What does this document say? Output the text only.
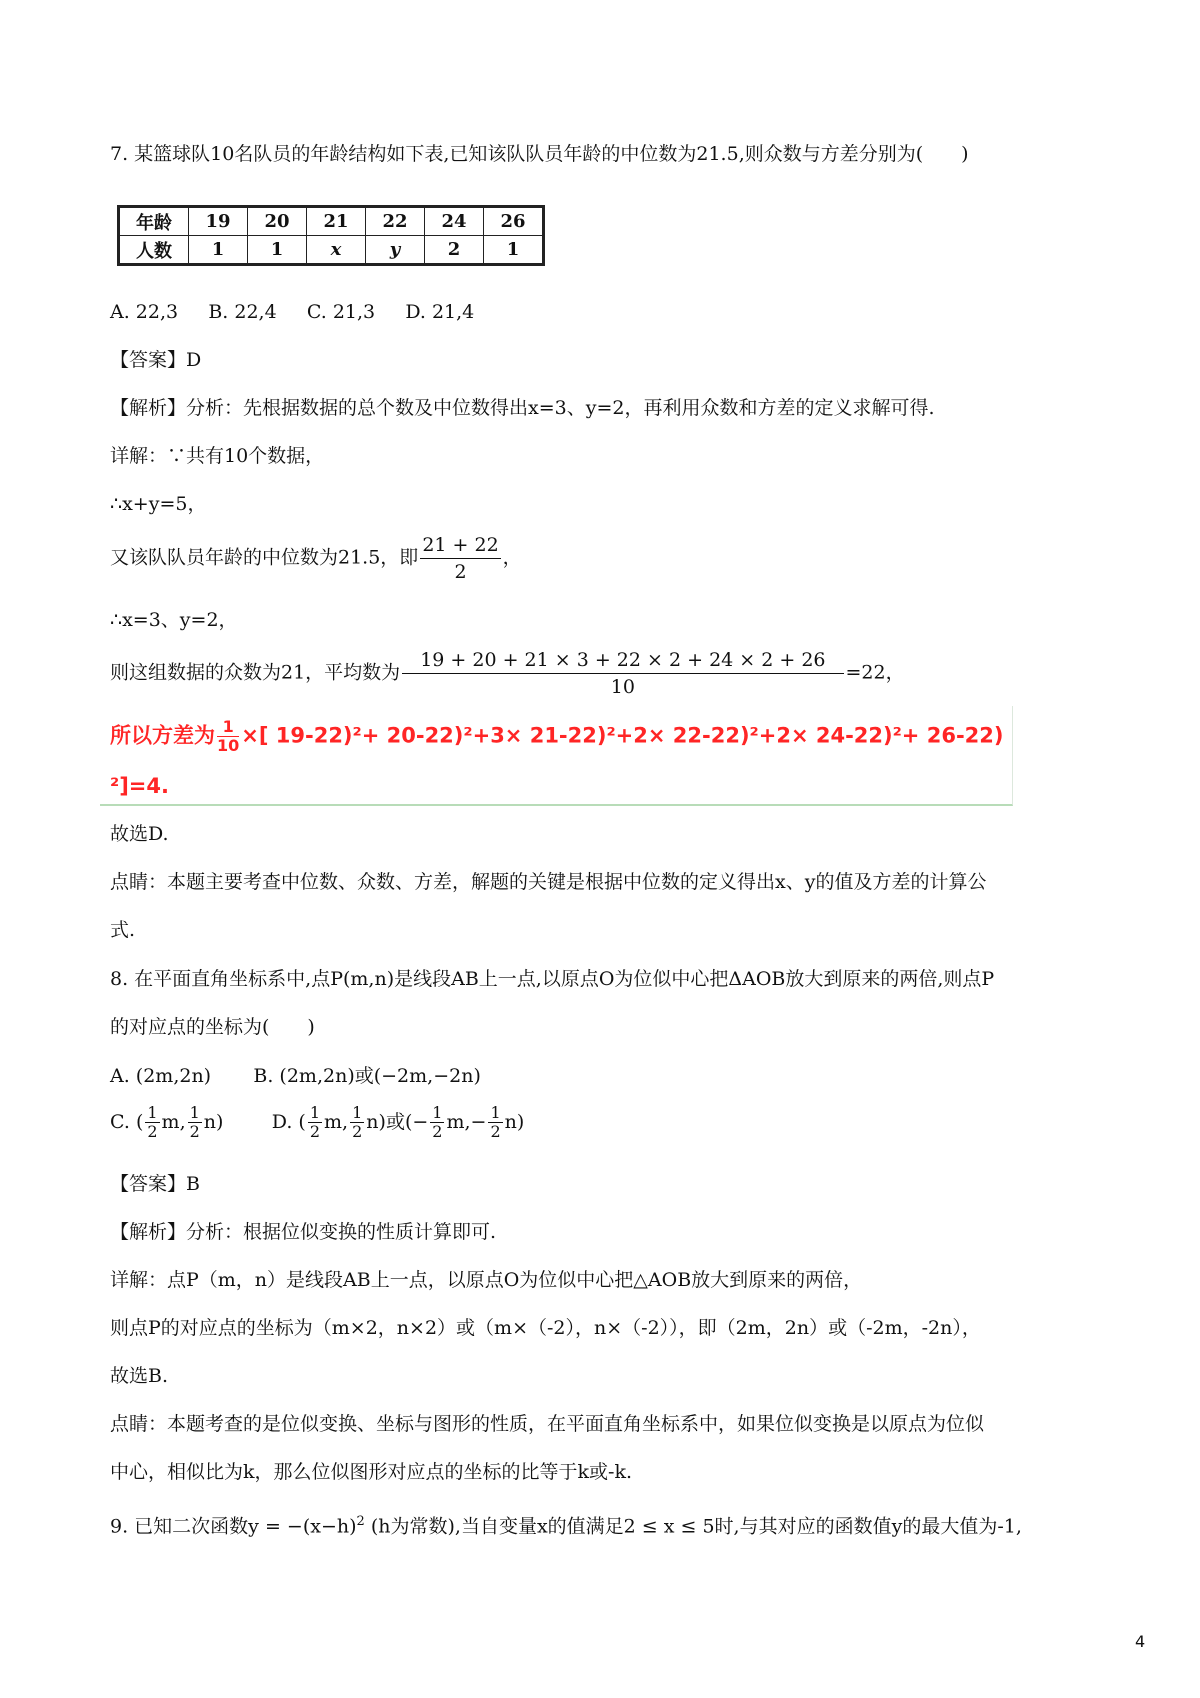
7. 某篮球队10名队员的年龄结构如下表,已知该队队员年龄的中位数为21.5,则众数与方差分别为(　　)
年龄	19	20	21	22	24	26
人数	1	1	x	y	2	1
A. 22,3 B. 22,4 C. 21,3 D. 21,4
【答案】D
【解析】分析：先根据数据的总个数及中位数得出x=3、y=2，再利用众数和方差的定义求解可得.
详解：∵共有10个数据，
∴x+y=5，
又该队队员年龄的中位数为21.5，即 $\frac{21 + 22}{2}$ ，
∴x=3、y=2，
则这组数据的众数为21，平均数为 $\frac{19 + 20 + 21 \times 3 + 22 \times 2 + 24 \times 2 + 26}{10} =22$，
所以方差为 $\frac{1}{10}$ ×[ 19-22)²+ 20-22)²+3× 21-22)²+2× 22-22)²+2× 24-22)²+ 26-22)
²]=4.
故选D.
点睛：本题主要考查中位数、众数、方差，解题的关键是根据中位数的定义得出x、y的值及方差的计算公
式.
8. 在平面直角坐标系中,点P(m,n)是线段AB上一点,以原点O为位似中心把ΔAOB放大到原来的两倍,则点P
的对应点的坐标为(　　)
A. (2m,2n) B. (2m,2n)或(−2m,−2n)
C. ( $\frac{1}{2} m$, $\frac{1}{2} n$)	D. ( $\frac{1}{2} m$, $\frac{1}{2} n$)或(− $\frac{1}{2} m,- \frac{1}{2} n$)
【答案】B
【解析】分析：根据位似变换的性质计算即可.
详解：点P（m，n）是线段AB上一点，以原点O为位似中心把△AOB放大到原来的两倍，
则点P的对应点的坐标为（m×2，n×2）或（m×（-2），n×（-2）），即（2m，2n）或（-2m，-2n），
故选B.
点睛：本题考查的是位似变换、坐标与图形的性质，在平面直角坐标系中，如果位似变换是以原点为位似
中心，相似比为k，那么位似图形对应点的坐标的比等于k或-k.
9. 已知二次函数$y = -(x-h)^2$ (h为常数),当自变量x的值满足2 ≤ x ≤ 5时,与其对应的函数值y的最大值为-1,
4
